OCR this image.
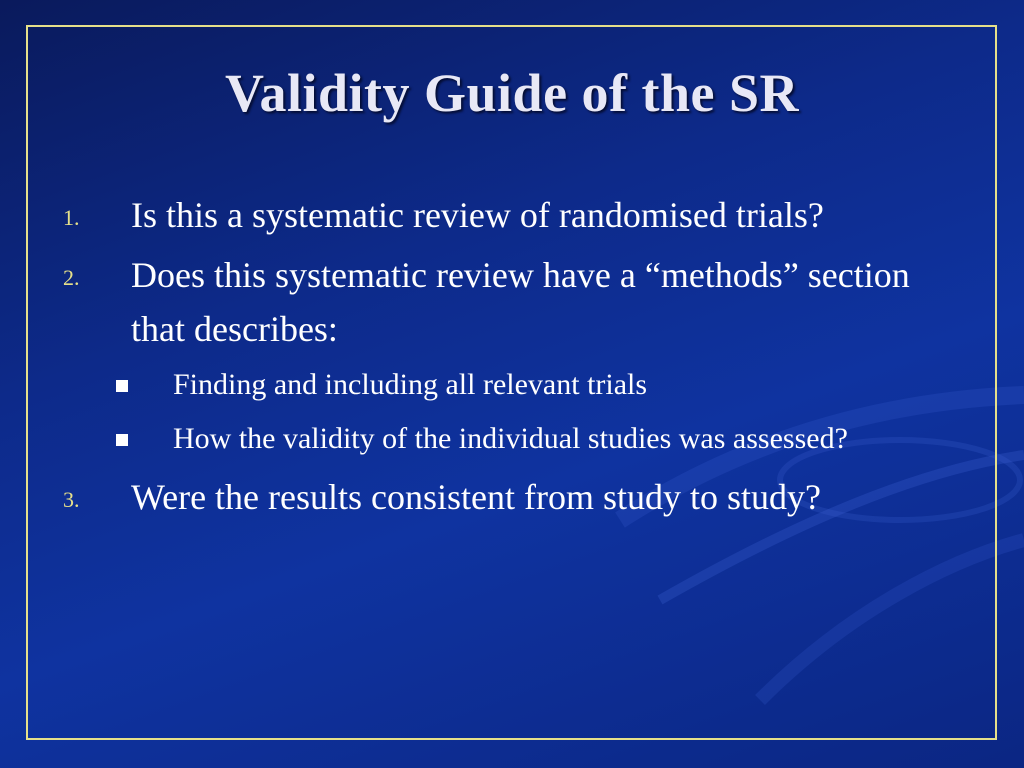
Validity Guide of the SR
1. Is this a systematic review of randomised trials?
2. Does this systematic review have a “methods” section that describes:
Finding and including all relevant trials
How the validity of the individual studies was assessed?
3. Were the results consistent from study to study?
